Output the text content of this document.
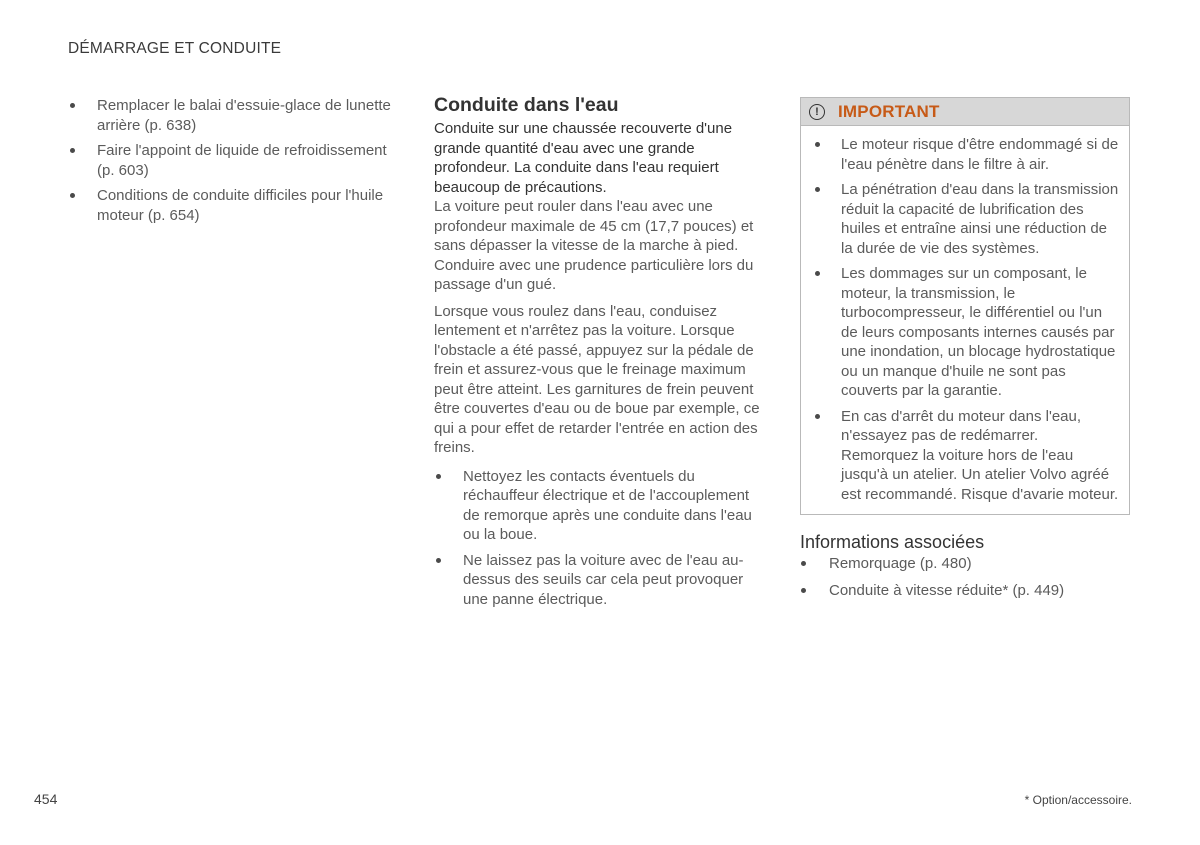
DÉMARRAGE ET CONDUITE
Remplacer le balai d'essuie-glace de lunette arrière (p. 638)
Faire l'appoint de liquide de refroidissement (p. 603)
Conditions de conduite difficiles pour l'huile moteur (p. 654)
Conduite dans l'eau

Conduite sur une chaussée recouverte d'une grande quantité d'eau avec une grande profondeur. La conduite dans l'eau requiert beaucoup de précautions.

La voiture peut rouler dans l'eau avec une profondeur maximale de 45 cm (17,7 pouces) et sans dépasser la vitesse de la marche à pied. Conduire avec une prudence particulière lors du passage d'un gué.

Lorsque vous roulez dans l'eau, conduisez lentement et n'arrêtez pas la voiture. Lorsque l'obstacle a été passé, appuyez sur la pédale de frein et assurez-vous que le freinage maximum peut être atteint. Les garnitures de frein peuvent être couvertes d'eau ou de boue par exemple, ce qui a pour effet de retarder l'entrée en action des freins.

Nettoyez les contacts éventuels du réchauffeur électrique et de l'accouplement de remorque après une conduite dans l'eau ou la boue.
Ne laissez pas la voiture avec de l'eau au-dessus des seuils car cela peut provoquer une panne électrique.
!	IMPORTANT
Le moteur risque d'être endommagé si de l'eau pénètre dans le filtre à air.
La pénétration d'eau dans la transmission réduit la capacité de lubrification des huiles et entraîne ainsi une réduction de la durée de vie des systèmes.
Les dommages sur un composant, le moteur, la transmission, le turbocompresseur, le différentiel ou l'un de leurs composants internes causés par une inondation, un blocage hydrostatique ou un manque d'huile ne sont pas couverts par la garantie.
En cas d'arrêt du moteur dans l'eau, n'essayez pas de redémarrer. Remorquez la voiture hors de l'eau jusqu'à un atelier. Un atelier Volvo agréé est recommandé. Risque d'avarie moteur.
Informations associées
Remorquage (p. 480)
Conduite à vitesse réduite* (p. 449)
454	* Option/accessoire.
